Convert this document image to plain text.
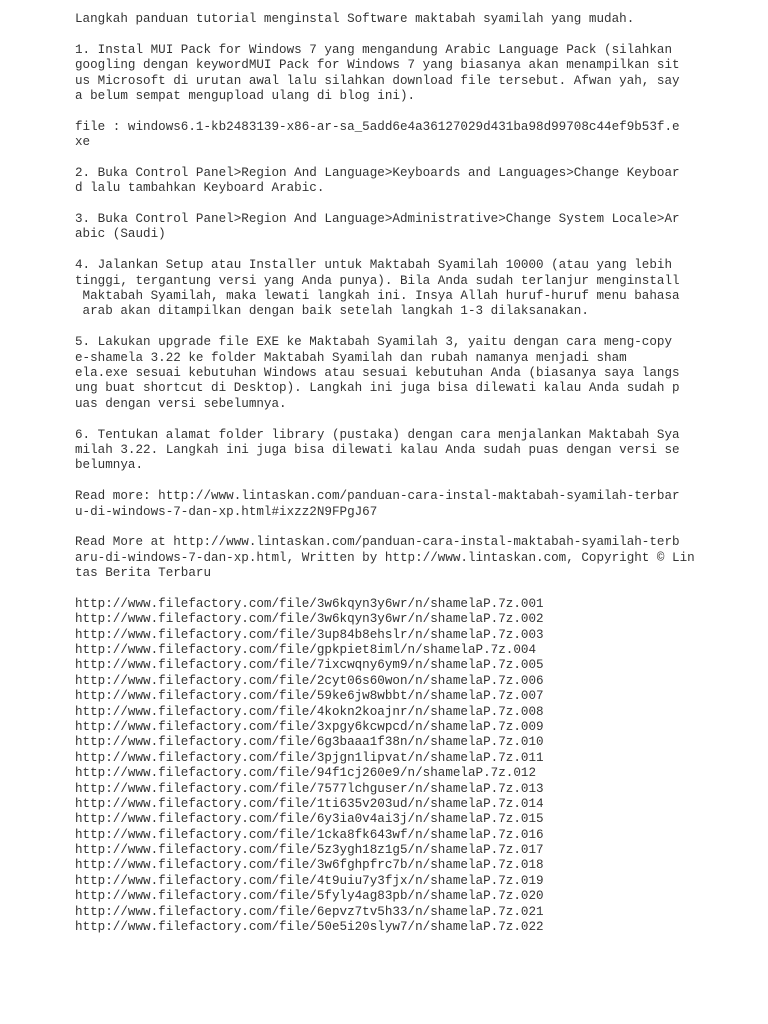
Langkah panduan tutorial menginstal Software maktabah syamilah yang mudah.
1. Instal MUI Pack for Windows 7 yang mengandung Arabic Language Pack (silahkan
googling dengan keywordMUI Pack for Windows 7 yang biasanya akan menampilkan sit
us Microsoft di urutan awal lalu silahkan download file tersebut. Afwan yah, say
a belum sempat mengupload ulang di blog ini).
file : windows6.1-kb2483139-x86-ar-sa_5add6e4a36127029d431ba98d99708c44ef9b53f.e
xe
2. Buka Control Panel>Region And Language>Keyboards and Languages>Change Keyboar
d lalu tambahkan Keyboard Arabic.
3. Buka Control Panel>Region And Language>Administrative>Change System Locale>Ar
abic (Saudi)
4. Jalankan Setup atau Installer untuk Maktabah Syamilah 10000 (atau yang lebih
tinggi, tergantung versi yang Anda punya). Bila Anda sudah terlanjur menginstall
Maktabah Syamilah, maka lewati langkah ini. Insya Allah huruf-huruf menu bahasa
arab akan ditampilkan dengan baik setelah langkah 1-3 dilaksanakan.
5. Lakukan upgrade file EXE ke Maktabah Syamilah 3, yaitu dengan cara meng-copy
e-shamela 3.22 ke folder Maktabah Syamilah dan rubah namanya menjadi sham
ela.exe sesuai kebutuhan Windows atau sesuai kebutuhan Anda (biasanya saya langs
ung buat shortcut di Desktop). Langkah ini juga bisa dilewati kalau Anda sudah p
uas dengan versi sebelumnya.
6. Tentukan alamat folder library (pustaka) dengan cara menjalankan Maktabah Sya
milah 3.22. Langkah ini juga bisa dilewati kalau Anda sudah puas dengan versi se
belumnya.
Read more: http://www.lintaskan.com/panduan-cara-instal-maktabah-syamilah-terbar
u-di-windows-7-dan-xp.html#ixzz2N9FPgJ67
Read More at http://www.lintaskan.com/panduan-cara-instal-maktabah-syamilah-terb
aru-di-windows-7-dan-xp.html, Written by http://www.lintaskan.com, Copyright © Lin
tas Berita Terbaru
http://www.filefactory.com/file/3w6kqyn3y6wr/n/shamelaP.7z.001
http://www.filefactory.com/file/3w6kqyn3y6wr/n/shamelaP.7z.002
http://www.filefactory.com/file/3up84b8ehslr/n/shamelaP.7z.003
http://www.filefactory.com/file/gpkpiet8iml/n/shamelaP.7z.004
http://www.filefactory.com/file/7ixcwqny6ym9/n/shamelaP.7z.005
http://www.filefactory.com/file/2cyt06s60won/n/shamelaP.7z.006
http://www.filefactory.com/file/59ke6jw8wbbt/n/shamelaP.7z.007
http://www.filefactory.com/file/4kokn2koajnr/n/shamelaP.7z.008
http://www.filefactory.com/file/3xpgy6kcwpcd/n/shamelaP.7z.009
http://www.filefactory.com/file/6g3baaa1f38n/n/shamelaP.7z.010
http://www.filefactory.com/file/3pjgn1lipvat/n/shamelaP.7z.011
http://www.filefactory.com/file/94f1cj260e9/n/shamelaP.7z.012
http://www.filefactory.com/file/7577lchguser/n/shamelaP.7z.013
http://www.filefactory.com/file/1ti635v203ud/n/shamelaP.7z.014
http://www.filefactory.com/file/6y3ia0v4ai3j/n/shamelaP.7z.015
http://www.filefactory.com/file/1cka8fk643wf/n/shamelaP.7z.016
http://www.filefactory.com/file/5z3ygh18z1g5/n/shamelaP.7z.017
http://www.filefactory.com/file/3w6fghpfrc7b/n/shamelaP.7z.018
http://www.filefactory.com/file/4t9uiu7y3fjx/n/shamelaP.7z.019
http://www.filefactory.com/file/5fyly4ag83pb/n/shamelaP.7z.020
http://www.filefactory.com/file/6epvz7tv5h33/n/shamelaP.7z.021
http://www.filefactory.com/file/50e5i20slyw7/n/shamelaP.7z.022
